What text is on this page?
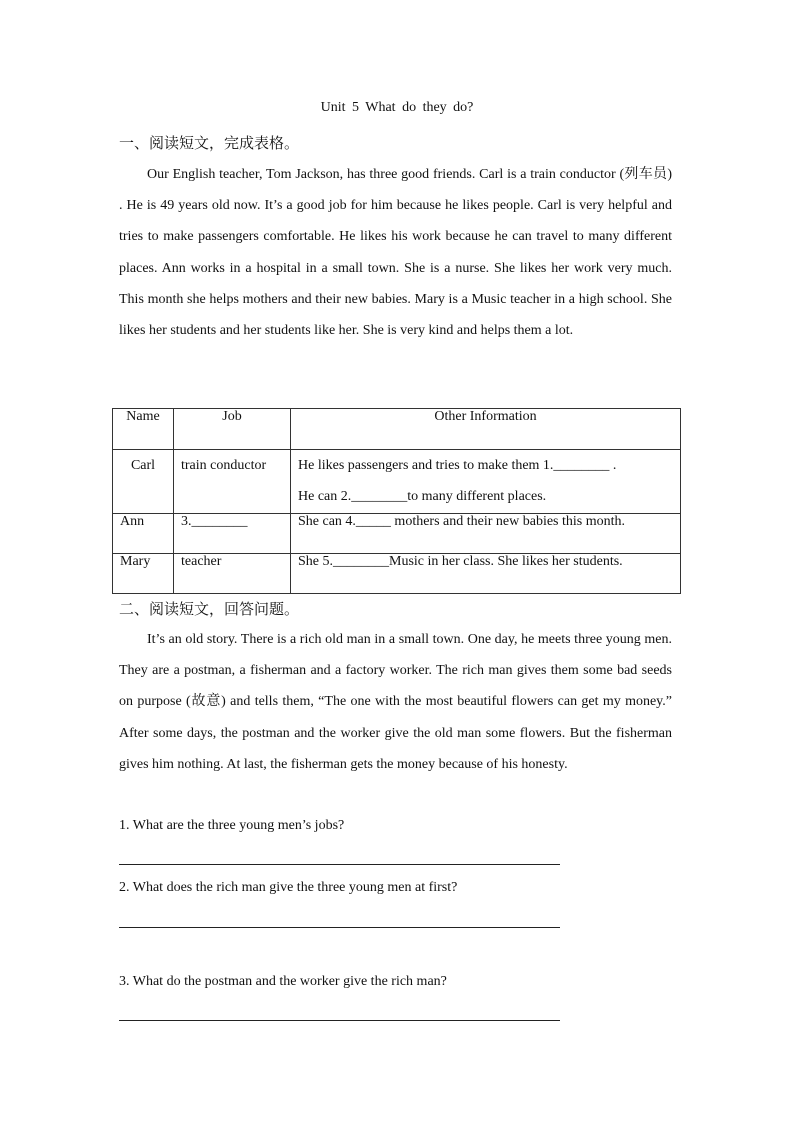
Unit 5 What do they do?
一、阅读短文，完成表格。

Our English teacher, Tom Jackson, has three good friends. Carl is a train conductor (列车员) . He is 49 years old now. It’s a good job for him because he likes people. Carl is very helpful and tries to make passengers comfortable. He likes his work because he can travel to many different places. Ann works in a hospital in a small town. She is a nurse. She likes her work very much. This month she helps mothers and their new babies. Mary is a Music teacher in a high school. She likes her students and her students like her. She is very kind and helps them a lot.

Name	Job	Other Information
Carl	train conductor	He likes passengers and tries to make them 1.________ .
He can 2.________to many different places.

Ann	3.________	She can 4._____ mothers and their new babies this month.
Mary	teacher	She 5.________Music in her class. She likes her students.
二、阅读短文，回答问题。

It’s an old story. There is a rich old man in a small town. One day, he meets three young men. They are a postman, a fisherman and a factory worker. The rich man gives them some bad seeds on purpose (故意) and tells them, “The one with the most beautiful flowers can get my money.” After some days, the postman and the worker give the old man some flowers. But the fisherman gives him nothing. At last, the fisherman gets the money because of his honesty.

1. What are the three young men’s jobs?
2. What does the rich man give the three young men at first?
3. What do the postman and the worker give the rich man?
